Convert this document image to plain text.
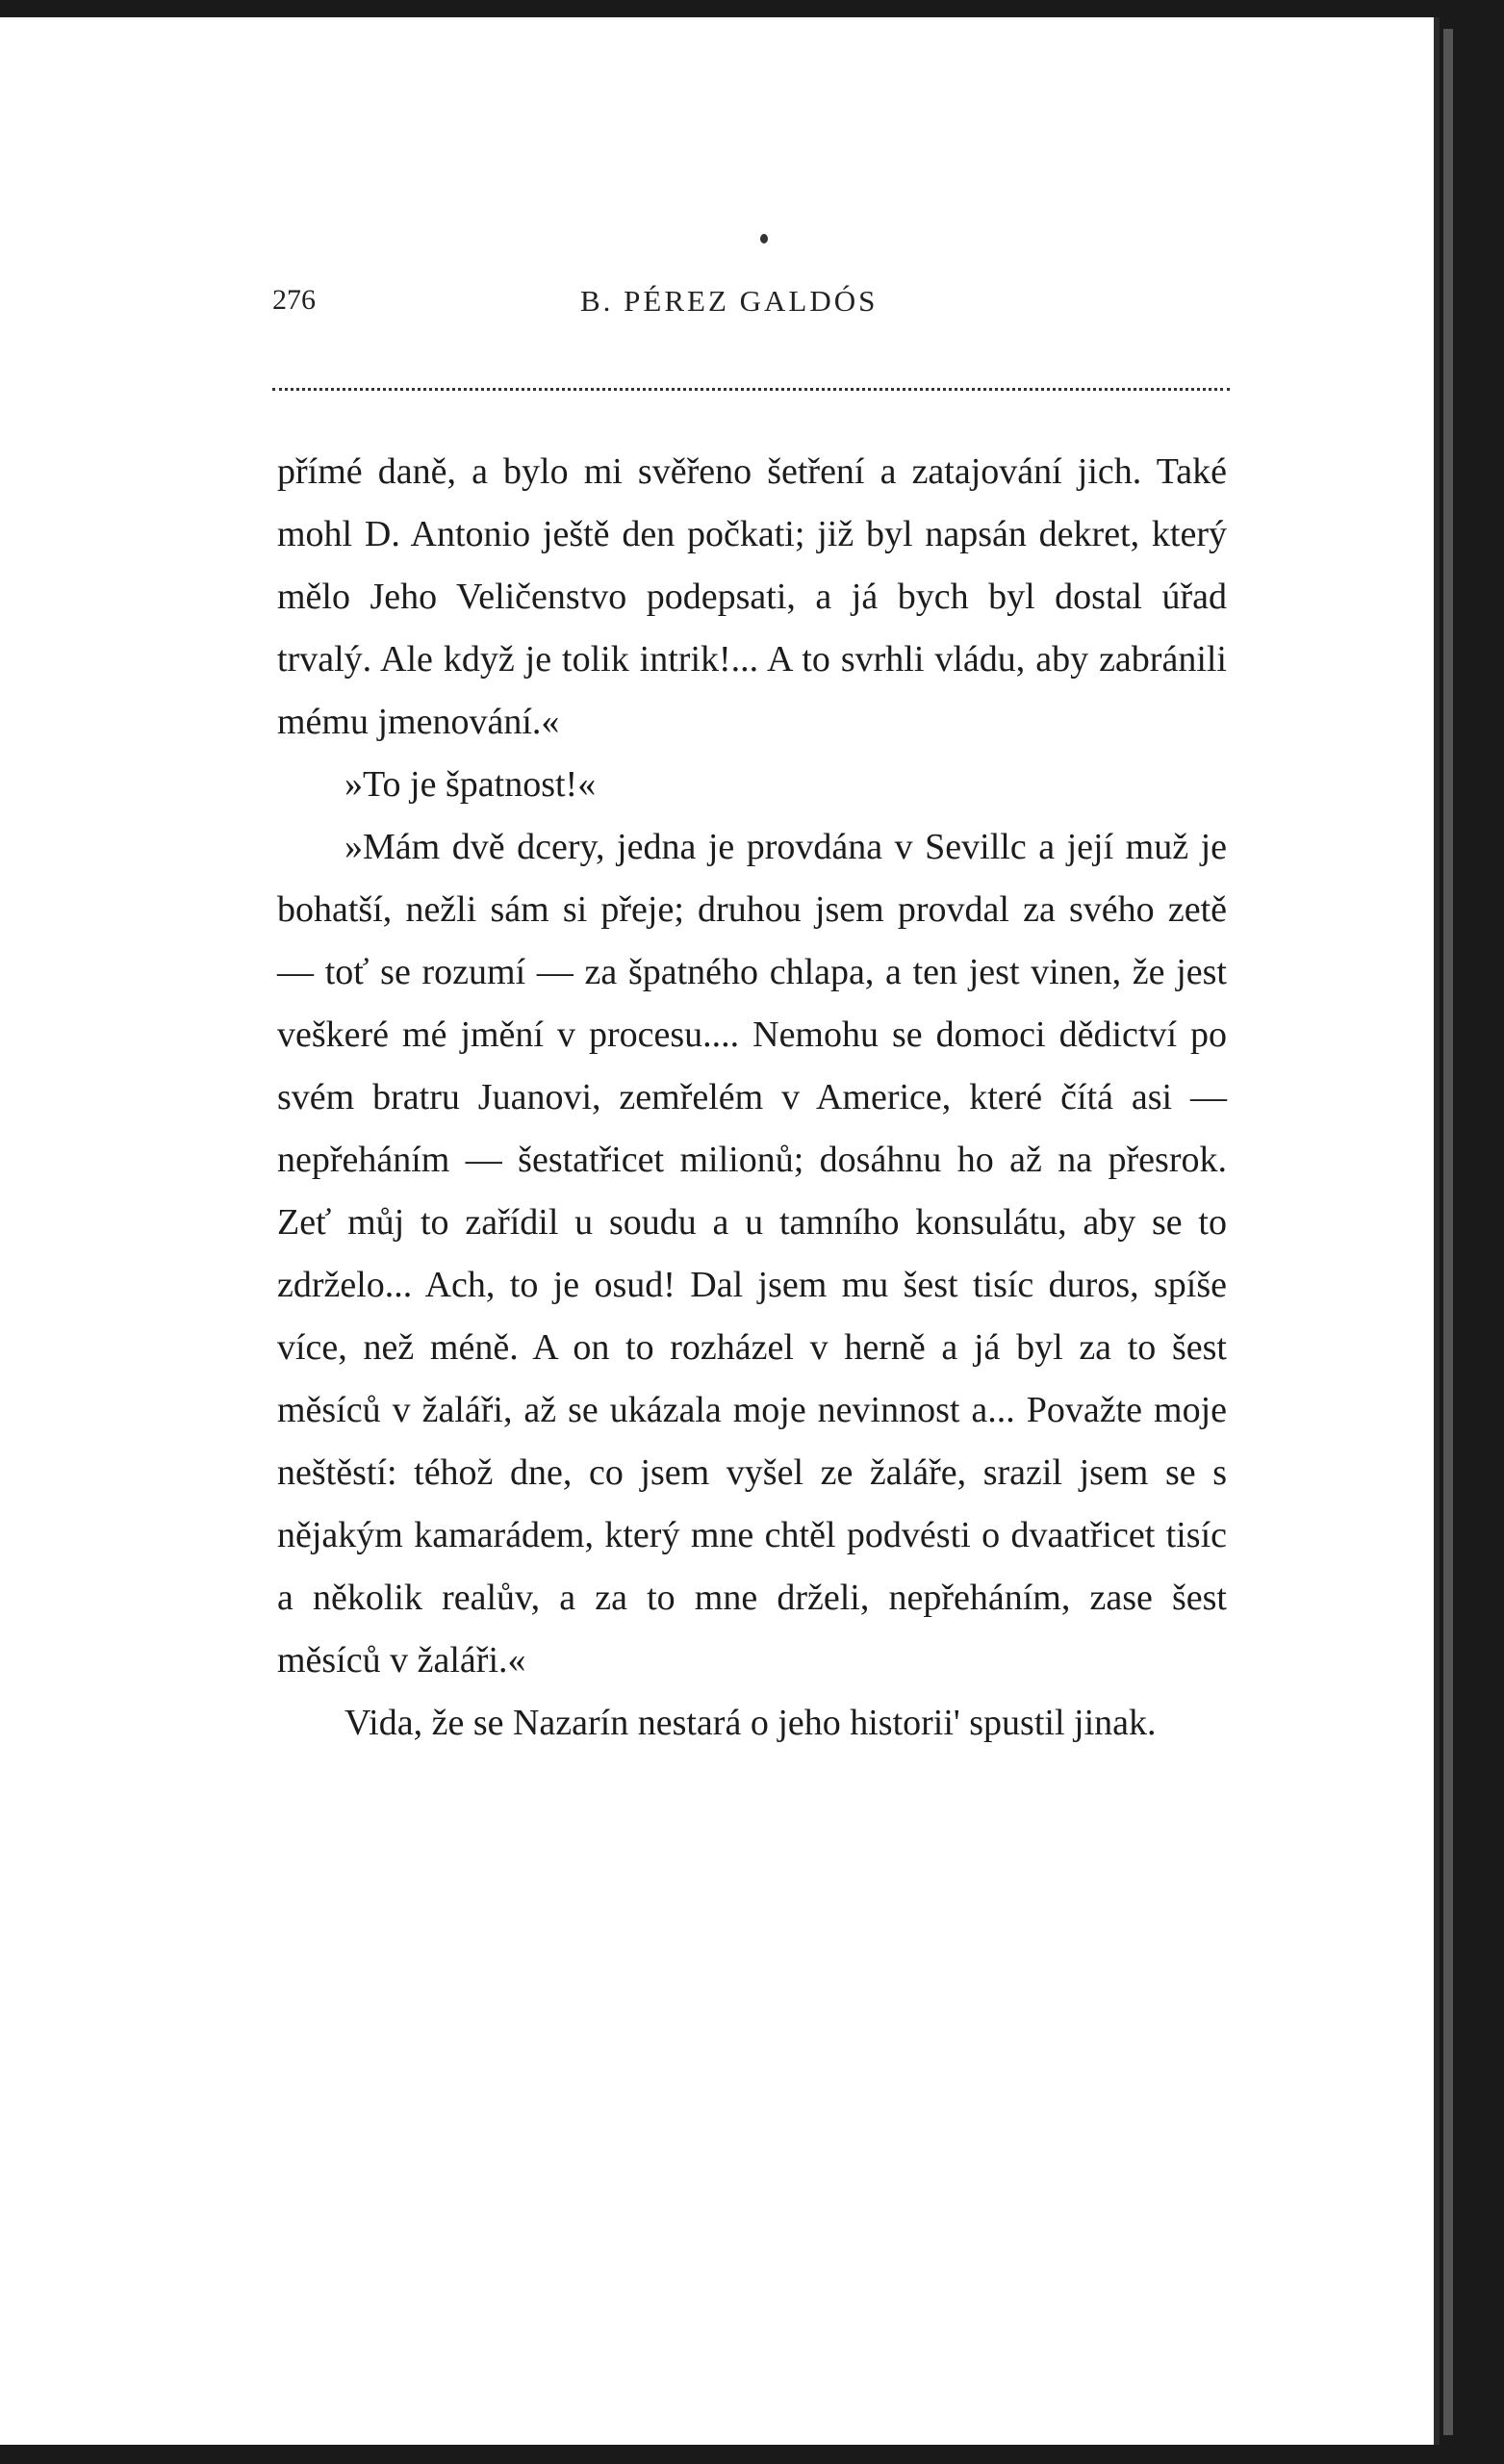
276	B. PÉREZ GALDÓS

přímé daně, a bylo mi svěřeno šetření a zatajování jich. Také mohl D. Antonio ještě den počkati; již byl napsán dekret, který mělo Jeho Veličenstvo podepsati, a já bych byl dostal úřad trvalý. Ale když je tolik intrik!... A to svrhli vládu, aby zabránili mému jmenování.«

»To je špatnost!«

»Mám dvě dcery, jedna je provdána v Sevillc a její muž je bohatší, nežli sám si přeje; druhou jsem provdal za svého zetě — toť se rozumí — za špatného chlapa, a ten jest vinen, že jest veškeré mé jmění v procesu.... Nemohu se domoci dědictví po svém bratru Juanovi, zemřelém v Americe, které čítá asi — nepřeháním — šestatřicet milionů; dosáhnu ho až na přesrok. Zeť můj to zařídil u soudu a u tamního konsulátu, aby se to zdrželo... Ach, to je osud! Dal jsem mu šest tisíc duros, spíše více, než méně. A on to rozházel v herně a já byl za to šest měsíců v žaláři, až se ukázala moje nevinnost a... Považte moje neštěstí: téhož dne, co jsem vyšel ze žaláře, srazil jsem se s nějakým kamarádem, který mne chtěl podvésti o dvaatřicet tisíc a několik realův, a za to mne drželi, nepřeháním, zase šest měsíců v žaláři.«

Vida, že se Nazarín nestará o jeho historii' spustil jinak.
